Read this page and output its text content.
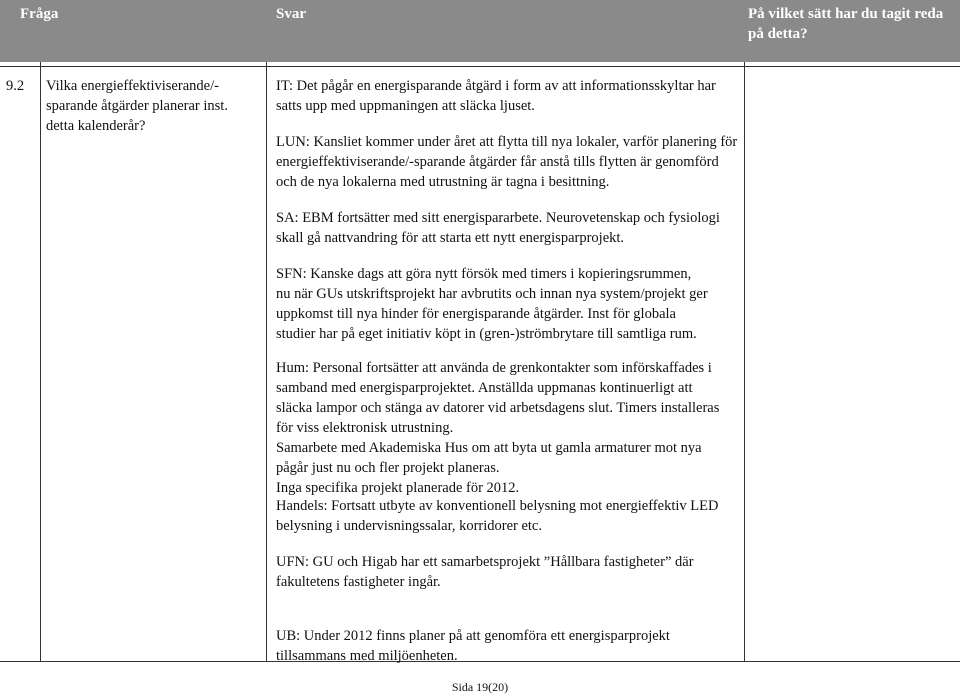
Fråga	Svar	På vilket sätt har du tagit reda
på detta?
9.2 Vilka energieffektiviserande/-
sparande åtgärder planerar inst.
detta kalenderår?
IT: Det pågår en energisparande åtgärd i form av att informationsskyltar har
satts upp med uppmaningen att släcka ljuset.
LUN: Kansliet kommer under året att flytta till nya lokaler, varför planering för
energieffektiviserande/-sparande åtgärder får anstå tills flytten är genomförd
och de nya lokalerna med utrustning är tagna i besittning.
SA: EBM fortsätter med sitt energispararbete. Neurovetenskap och fysiologi
skall gå nattvandring för att starta ett nytt energisparprojekt.
SFN: Kanske dags att göra nytt försök med timers i kopieringsrummen,
nu när GUs utskriftsprojekt har avbrutits och innan nya system/projekt ger
uppkomst till nya hinder för energisparande åtgärder. Inst för globala
studier har på eget initiativ köpt in (gren-)strömbrytare till samtliga rum.
Hum: Personal fortsätter att använda de grenkontakter som införskaffades i
samband med energisparprojektet. Anställda uppmanas kontinuerligt att
släcka lampor och stänga av datorer vid arbetsdagens slut. Timers installeras
för viss elektronisk utrustning.
Samarbete med Akademiska Hus om att byta ut gamla armaturer mot nya
pågår just nu och fler projekt planeras.
Inga specifika projekt planerade för 2012.
Handels: Fortsatt utbyte av konventionell belysning mot energieffektiv LED
belysning i undervisningssalar, korridorer etc.
UFN: GU och Higab har ett samarbetsprojekt ”Hållbara fastigheter” där
fakultetens fastigheter ingår.
UB: Under 2012 finns planer på att genomföra ett energisparprojekt
tillsammans med miljöenheten.
Sida 19(20)
